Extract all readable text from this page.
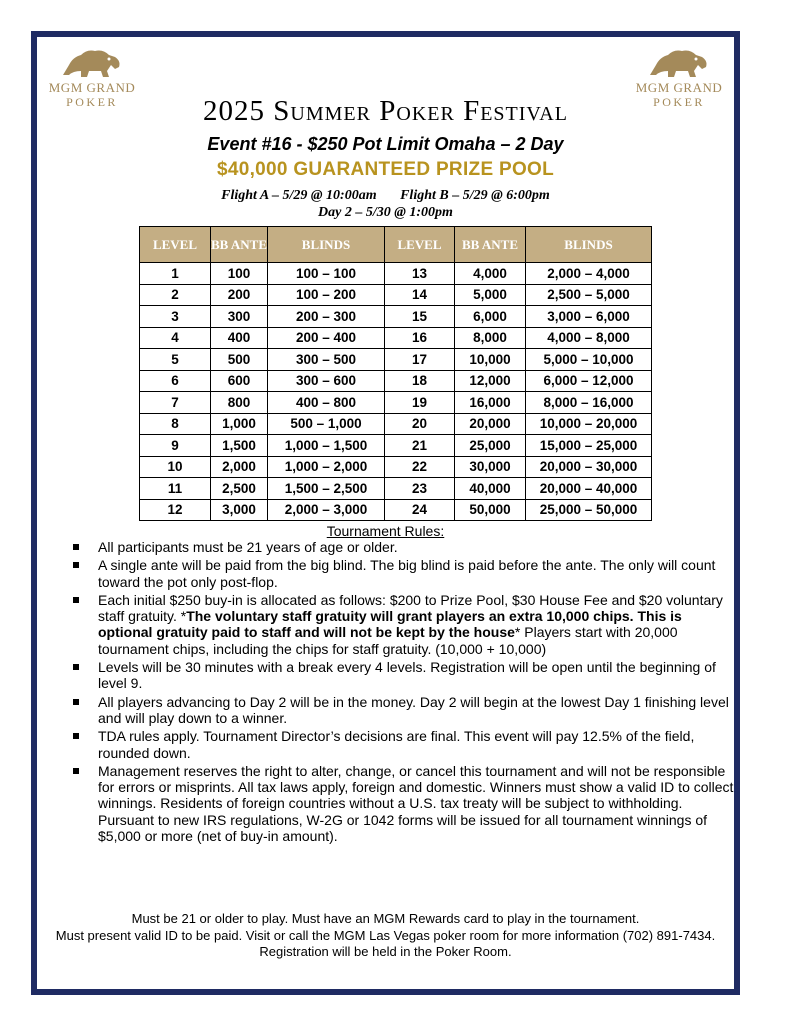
MGM GRAND
POKER
MGM GRAND
POKER
2025 Summer Poker Festival
Event #16 - $250 Pot Limit Omaha – 2 Day
$40,000 GUARANTEED PRIZE POOL
Flight A – 5/29 @ 10:00am Flight B – 5/29 @ 6:00pm
Day 2 – 5/30 @ 1:00pm
LEVEL	BB ANTE	BLINDS	LEVEL	BB ANTE	BLINDS
1	100	100 – 100	13	4,000	2,000 – 4,000
2	200	100 – 200	14	5,000	2,500 – 5,000
3	300	200 – 300	15	6,000	3,000 – 6,000
4	400	200 – 400	16	8,000	4,000 – 8,000
5	500	300 – 500	17	10,000	5,000 – 10,000
6	600	300 – 600	18	12,000	6,000 – 12,000
7	800	400 – 800	19	16,000	8,000 – 16,000
8	1,000	500 – 1,000	20	20,000	10,000 – 20,000
9	1,500	1,000 – 1,500	21	25,000	15,000 – 25,000
10	2,000	1,000 – 2,000	22	30,000	20,000 – 30,000
11	2,500	1,500 – 2,500	23	40,000	20,000 – 40,000
12	3,000	2,000 – 3,000	24	50,000	25,000 – 50,000
Tournament Rules:
All participants must be 21 years of age or older.
A single ante will be paid from the big blind. The big blind is paid before the ante. The only will count toward the pot only post-flop.
Each initial $250 buy-in is allocated as follows: $200 to Prize Pool, $30 House Fee and $20 voluntary staff gratuity. *The voluntary staff gratuity will grant players an extra 10,000 chips. This is optional gratuity paid to staff and will not be kept by the house* Players start with 20,000 tournament chips, including the chips for staff gratuity. (10,000 + 10,000)
Levels will be 30 minutes with a break every 4 levels. Registration will be open until the beginning of level 9.
All players advancing to Day 2 will be in the money. Day 2 will begin at the lowest Day 1 finishing level and will play down to a winner.
TDA rules apply. Tournament Director’s decisions are final. This event will pay 12.5% of the field, rounded down.
Management reserves the right to alter, change, or cancel this tournament and will not be responsible for errors or misprints. All tax laws apply, foreign and domestic. Winners must show a valid ID to collect winnings. Residents of foreign countries without a U.S. tax treaty will be subject to withholding. Pursuant to new IRS regulations, W-2G or 1042 forms will be issued for all tournament winnings of $5,000 or more (net of buy-in amount).
Must be 21 or older to play. Must have an MGM Rewards card to play in the tournament.
Must present valid ID to be paid. Visit or call the MGM Las Vegas poker room for more information (702) 891-7434. Registration will be held in the Poker Room.
